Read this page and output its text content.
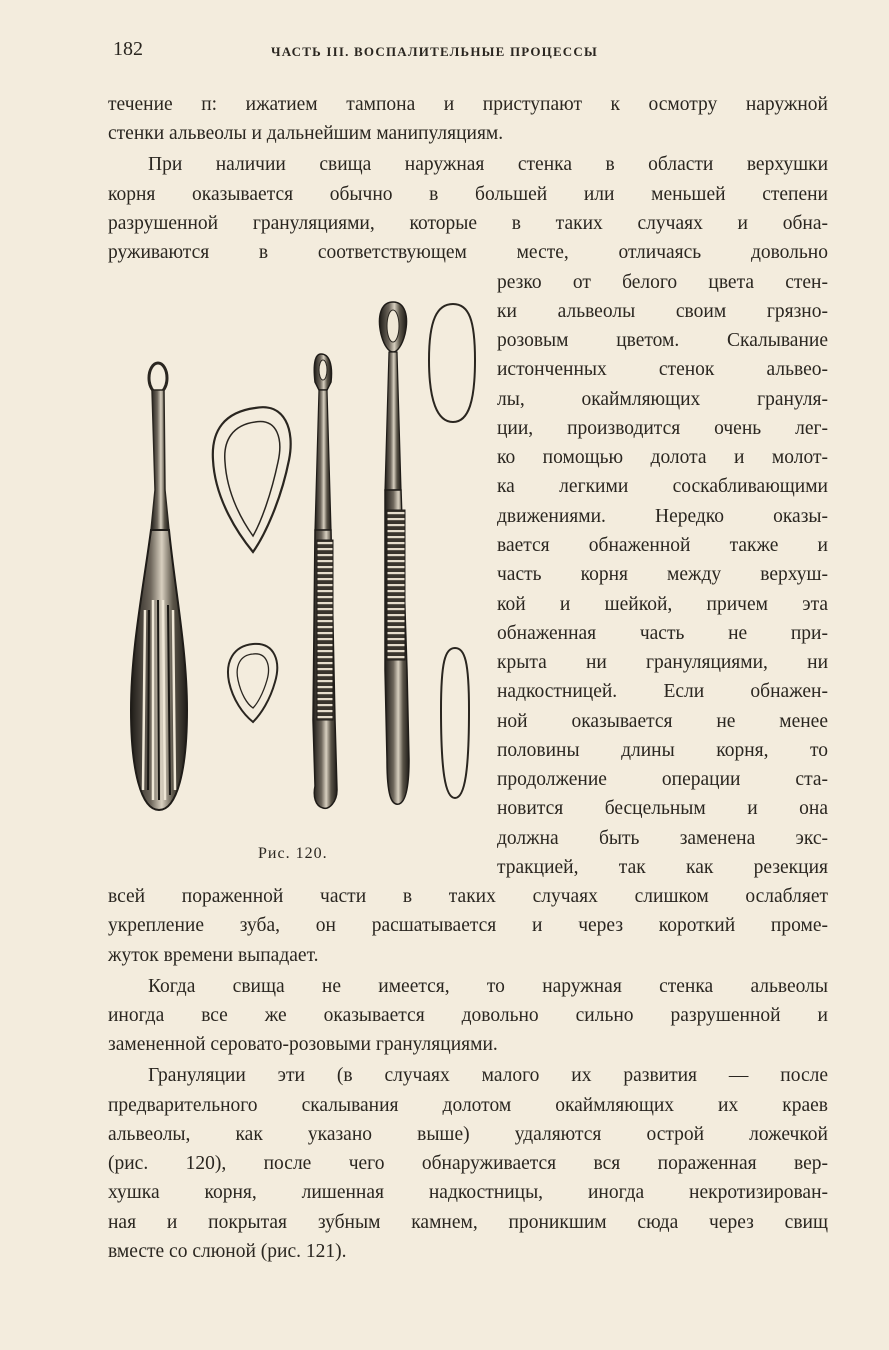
182	ЧАСТЬ III. ВОСПАЛИТЕЛЬНЫЕ ПРОЦЕССЫ
течение п: ижатием тампона и приступают к осмотру наружной
стенки альвеолы и дальнейшим манипуляциям.
При наличии свища наружная стенка в области верхушки
корня оказывается обычно в большей или меньшей степени
разрушенной грануляциями, которые в таких случаях и обна-
руживаются в соответствующем месте, отличаясь довольно
резко от белого цвета стен-
ки альвеолы своим грязно-
розовым цветом. Скалывание
истонченных стенок альвео-
лы, окаймляющих грануля-
ции, производится очень лег-
ко помощью долота и молот-
ка легкими соскабливающими
движениями. Нередко оказы-
вается обнаженной также и
часть корня между верхуш-
кой и шейкой, причем эта
обнаженная часть не при-
крыта ни грануляциями, ни
надкостницей. Если обнажен-
ной оказывается не менее
половины длины корня, то
продолжение операции ста-
новится бесцельным и она
должна быть заменена экс-
тракцией, так как резекция
всей пораженной части в таких случаях слишком ослабляет
укрепление зуба, он расшатывается и через короткий проме-
жуток времени выпадает.
Когда свища не имеется, то наружная стенка альвеолы
иногда все же оказывается довольно сильно разрушенной и
замененной серовато-розовыми грануляциями.
Грануляции эти (в случаях малого их развития — после
предварительного скалывания долотом окаймляющих их краев
альвеолы, как указано выше) удаляются острой ложечкой
(рис. 120), после чего обнаруживается вся пораженная вер-
хушка корня, лишенная надкостницы, иногда некротизирован-
ная и покрытая зубным камнем, проникшим сюда через свищ
вместе со слюной (рис. 121).
Рис. 120.
